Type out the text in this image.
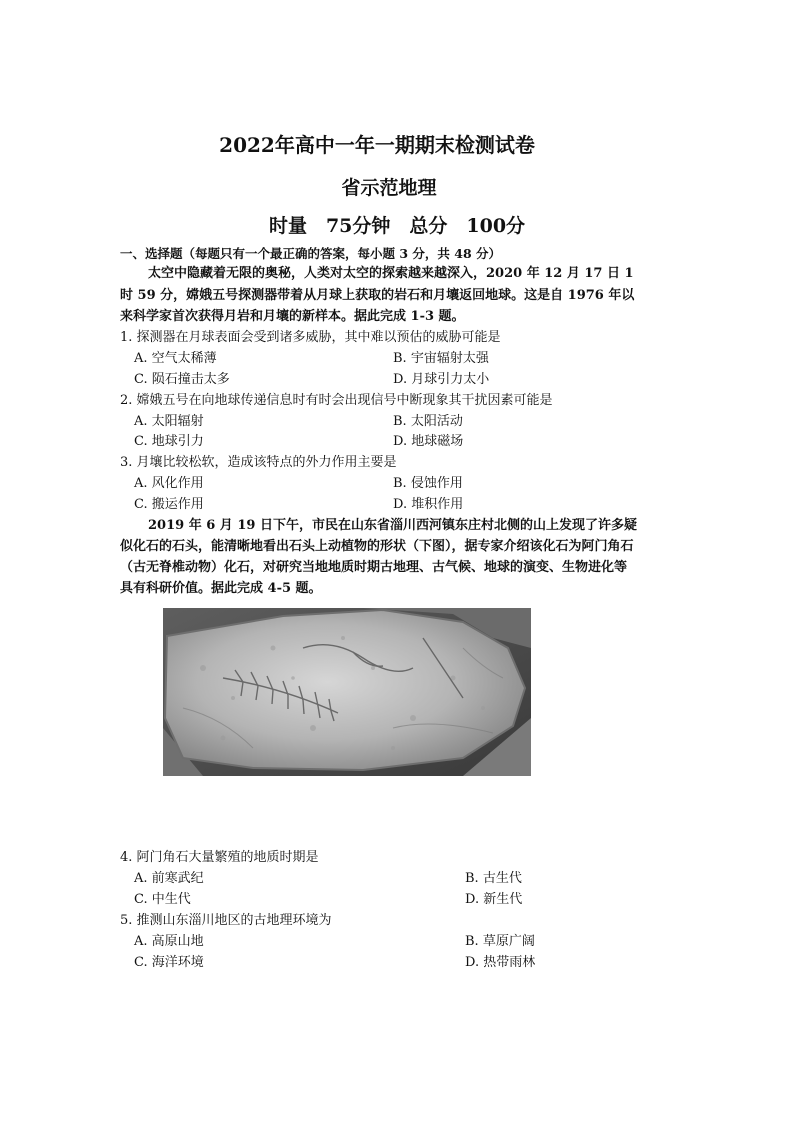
2022年高中一年一期期末检测试卷
省示范地理
时量　75分钟　总分　100分
一、选择题（每题只有一个最正确的答案，每小题 3 分，共 48 分）
太空中隐藏着无限的奥秘，人类对太空的探索越来越深入，2020 年 12 月 17 日 1
时 59 分，嫦娥五号探测器带着从月球上获取的岩石和月壤返回地球。这是自 1976 年以
来科学家首次获得月岩和月壤的新样本。据此完成 1-3 题。
1. 探测器在月球表面会受到诸多威胁，其中难以预估的威胁可能是
A. 空气太稀薄	B. 宇宙辐射太强
C. 陨石撞击太多	D. 月球引力太小
2. 嫦娥五号在向地球传递信息时有时会出现信号中断现象其干扰因素可能是
A. 太阳辐射	B. 太阳活动
C. 地球引力	D. 地球磁场
3. 月壤比较松软，造成该特点的外力作用主要是
A. 风化作用	B. 侵蚀作用
C. 搬运作用	D. 堆积作用
2019 年 6 月 19 日下午，市民在山东省淄川西河镇东庄村北侧的山上发现了许多疑
似化石的石头，能清晰地看出石头上动植物的形状（下图），据专家介绍该化石为阿门角石
（古无脊椎动物）化石，对研究当地地质时期古地理、古气候、地球的演变、生物进化等
具有科研价值。据此完成 4-5 题。
4. 阿门角石大量繁殖的地质时期是
A. 前寒武纪	B. 古生代
C. 中生代	D. 新生代
5. 推测山东淄川地区的古地理环境为
A. 高原山地	B. 草原广阔
C. 海洋环境	D. 热带雨林
